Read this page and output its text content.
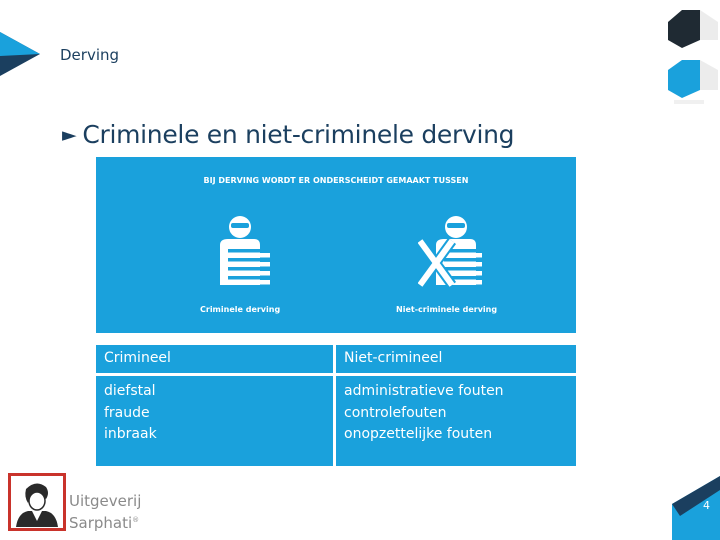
Derving
► Criminele en niet-criminele derving
BIJ DERVING WORDT ER ONDERSCHEIDT GEMAAKT TUSSEN
Criminele derving	Niet-criminele derving
Crimineel	Niet-crimineel
diefstal
fraude
inbraak
administratieve fouten
controlefouten
onopzettelijke fouten
Uitgeverij
Sarphati®
4
